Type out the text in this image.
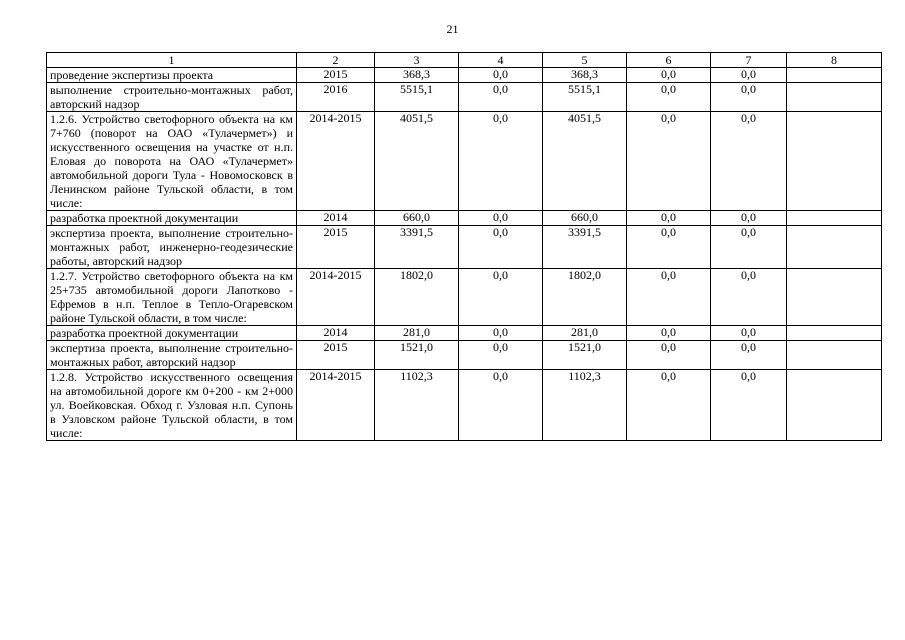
21
1	2	3	4	5	6	7	8
проведение экспертизы проекта	2015	368,3	0,0	368,3	0,0	0,0	

выполнение строительно-монтажных работ, авторский надзор	2016	5515,1	0,0	5515,1	0,0	0,0	

1.2.6. Устройство светофорного объекта на км 7+760 (поворот на ОАО «Тулачермет») и искусственного освещения на участке от н.п. Еловая до поворота на ОАО «Тулачермет» автомобильной дороги Тула - Новомосковск в Ленинском районе Тульской области, в том числе:	2014-2015	4051,5	0,0	4051,5	0,0	0,0	

разработка проектной документации	2014	660,0	0,0	660,0	0,0	0,0	

экспертиза проекта, выполнение строительно-монтажных работ, инженерно-геодезические работы, авторский надзор	2015	3391,5	0,0	3391,5	0,0	0,0	

1.2.7. Устройство светофорного объекта на км 25+735 автомобильной дороги Лапотково - Ефремов в н.п. Теплое в Тепло-Огаревском районе Тульской области, в том числе:	2014-2015	1802,0	0,0	1802,0	0,0	0,0	

разработка проектной документации	2014	281,0	0,0	281,0	0,0	0,0	

экспертиза проекта, выполнение строительно-монтажных работ, авторский надзор	2015	1521,0	0,0	1521,0	0,0	0,0	

1.2.8. Устройство искусственного освещения на автомобильной дороге км 0+200 - км 2+000 ул. Воейковская. Обход г. Узловая н.п. Супонь в Узловском районе Тульской области, в том числе:	2014-2015	1102,3	0,0	1102,3	0,0	0,0	
